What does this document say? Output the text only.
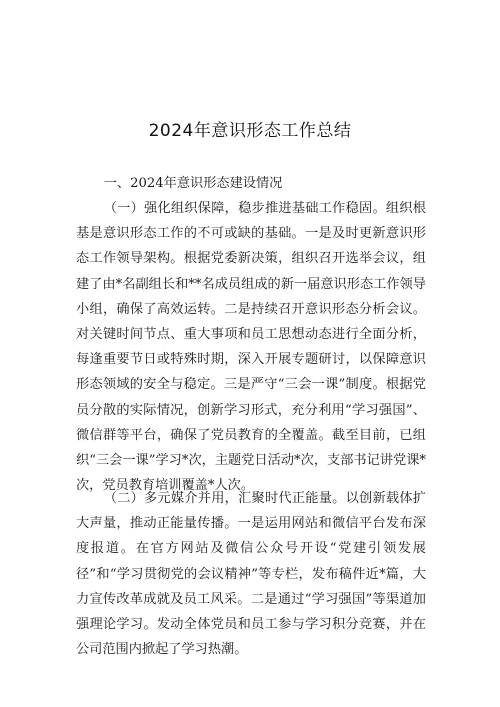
2024年意识形态工作总结
一、2024年意识形态建设情况

（一）强化组织保障，稳步推进基础工作稳固。组织根基是意识形态工作的不可或缺的基础。一是及时更新意识形态工作领导架构。根据党委新决策，组织召开选举会议，组建了由*名副组长和**名成员组成的新一届意识形态工作领导小组，确保了高效运转。二是持续召开意识形态分析会议。对关键时间节点、重大事项和员工思想动态进行全面分析，每逢重要节日或特殊时期，深入开展专题研讨，以保障意识形态领域的安全与稳定。三是严守“三会一课”制度。根据党员分散的实际情况，创新学习形式，充分利用“学习强国”、微信群等平台，确保了党员教育的全覆盖。截至目前，已组织“三会一课”学习*次，主题党日活动*次，支部书记讲党课*次，党员教育培训覆盖*人次。

（二）多元媒介并用，汇聚时代正能量。以创新载体扩大声量，推动正能量传播。一是运用网站和微信平台发布深度报道。在官方网站及微信公众号开设“党建引领发展径”和“学习贯彻党的会议精神”等专栏，发布稿件近*篇，大力宣传改革成就及员工风采。二是通过“学习强国”等渠道加强理论学习。发动全体党员和员工参与学习积分竞赛，并在公司范围内掀起了学习热潮。
